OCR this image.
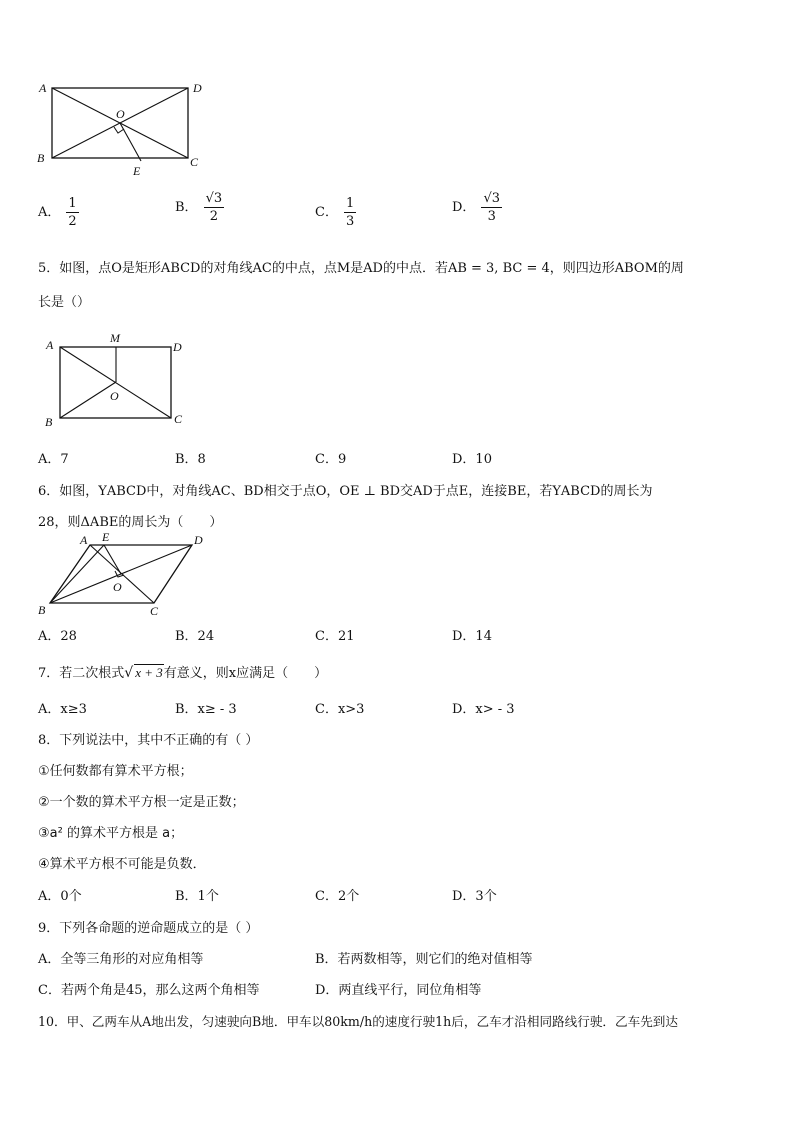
A	D
B	C
O
E
A． $\frac{1}{2}$	B． $\frac{√3}{2}$	C． $\frac{1}{3}$	D． $\frac{√3}{3}$
5．如图，点O是矩形ABCD的对角线AC的中点，点M是AD的中点．若AB = 3, BC = 4，则四边形ABOM的周
长是（）
A	D
B	C
M
O
A．7	B．8	C．9	D．10
6．如图，ΥABCD中，对角线AC、BD相交于点O，OE ⊥ BD交AD于点E，连接BE，若ΥABCD的周长为
28，则ΔABE的周长为（　　）
A E	D
B	C
O
A．28	B．24	C．21	D．14
7．若二次根式√ x + 3有意义，则x应满足（　　）
A．x≥3	B．x≥ - 3	C．x>3	D．x> - 3
8．下列说法中，其中不正确的有（ ）
①任何数都有算术平方根；
②一个数的算术平方根一定是正数；
③a² 的算术平方根是 a；
④算术平方根不可能是负数．
A．0个	B．1个	C．2个	D．3个
9．下列各命题的逆命题成立的是（ ）
A．全等三角形的对应角相等	B．若两数相等，则它们的绝对值相等
C．若两个角是45，那么这两个角相等	D．两直线平行，同位角相等
10．甲、乙两车从A地出发，匀速驶向B地．甲车以80km/h的速度行驶1h后，乙车才沿相同路线行驶．乙车先到达
